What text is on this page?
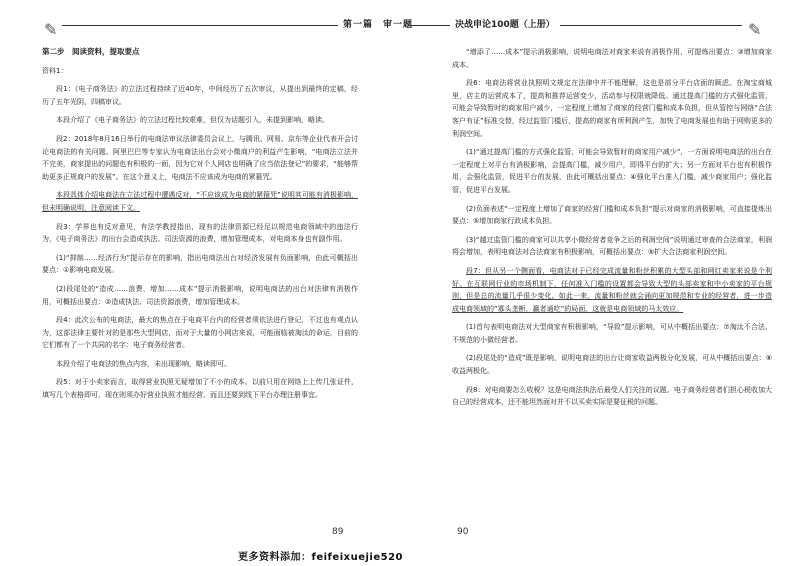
✎	第一篇　审一题	决战申论100题（上册）	✎
第二步　阅读资料，提取要点

资料1：

段1：《电子商务法》的立法过程持续了近40年，中间经历了五次审议，从提出到最终的定稿，经历了五年光阴，四稿审议。

本段介绍了《电子商务法》的立法过程比较艰难，但仅为话题引入，未提到影响，略读。

段2：2018年8月16日举行的电商法审议法律委员会议上，与腾讯、网易、京东等企业代表开会讨论电商法的有关问题。阿里巴巴等专家认为电商法出台会对小微商户的利益产生影响，“电商法立法并不完美，商家提出的问题也有积极的一面，因为它对个人网店也明确了应当依法登记”的要求，“能够帮助更多正规商户的发展”。在这个意义上，电商法不应该成为电商的紧箍咒。

本段具体介绍电商法在立法过程中遭遇反对，“不应该成为电商的紧箍咒”说明其可能有消极影响，但未明确说明，注意阅读下文。

段3：学界也有反对意见，有法学教授指出，现有的法律资源已经足以规范电商领域中的违法行为，《电子商务法》的出台会造成执法、司法资源的浪费，增加管理成本，对电商本身也有副作用。

(1)“抑制……经济行为”提示存在的影响，指出电商法出台对经济发展有负面影响，由此可概括出要点：①影响电商发展。

(2)段尾处的“造成……浪费，增加……成本”提示消极影响，说明电商法的出台对法律有消极作用，可概括出要点：②造成执法、司法资源浪费，增加管理成本。

段4：此次公布的电商法，最大的焦点在于电商平台内的经营者须依法进行登记，不过也有观点认为，这部法律主要针对的是那些大型网店，而对于大量的小网店来说，可能面临被淘汰的命运，目前的它们都有了一个共同的名字：电子商务经营者。

本段介绍了电商法的焦点内容，未出现影响，略读即可。

段5：对于小卖家而言，取得营业执照无疑增加了不小的成本。以前只用在网络上上传几张证件，填写几个表格即可，现在则须办好营业执照才能经营，而且还要到线下平台办理注册事宜。

89

“增添了……成本”提示消极影响，说明电商法对商家来说有消极作用，可提炼出要点：③增加商家成本。

段6：电商法将营业执照明文规定在法律中并不能理解，这也是部分平台店面的顾虑。在淘宝商城里，店主的运营成本了，提高和推荐运营变少，活动参与权限就降低。通过提高门槛的方式强化监管，可能会导致暂时的商家用户减少，一定程度上增加了商家的经营门槛和成本负担，但从管控与网络“合法客户有证”标准交替，经过监管门槛后，提高的商家有所利润产生，加快了电商发展也有助于网购更多的利润空间。

(1)“通过提高门槛的方式强化监管，可能会导致暂时的商家用户减少”，一方面说明电商法的出台在一定程度上对平台有消极影响，会提高门槛，减少用户，即得平台的扩大；另一方面对平台也有积极作用，会强化监管，促进平台的发展，由此可概括出要点：④强化平台准入门槛，减少商家用户；强化监管，促进平台发展。

(2)负面表述“一定程度上增加了商家的经营门槛和成本负担”提示对商家的消极影响，可直接提炼出要点：⑤增加商家行政成本负担。

(3)“越过监管门槛的商家可以共享小微经营者竞争之后的利润空间”说明通过审查的合法商家，利润将会增加，表明电商法对合法商家有积极影响，可概括出要点：⑤扩大合法商家利润空间。

段7：但从另一个侧面看，电商法对于已经完成流量和粉丝积累的大型头部和网红卖家来说是个利好。在互联网行业的市场机制下，任何准入门槛的设置都会导致大型的头部卖家和中小卖家的平台规则，但是总的流量几乎很少变化。如此一来，流量和粉丝就会涌向更加规范和专业的经营者，进一步造成电商领域的“寡头垄断，赢者通吃”的局面。这就是电商领域的马太效应。

(1)首句表明电商法对大型商家有积极影响，“导致”提示影响，可从中概括出要点：⑦淘汰不合法、不规范的小微经营者。

(2)段尾处的“造成”既是影响，说明电商法的出台让商家收益两极分化发展，可从中概括出要点：⑧收益两极化。

段8：对电商要怎么收税？这是电商法执法后最受人们关注的议题。电子商务经营者们担心税收加大自己的经营成本，还不能坦然面对并不以买卖实际是要征税的问题。

90
更多资料添加：feifeixuejie520
